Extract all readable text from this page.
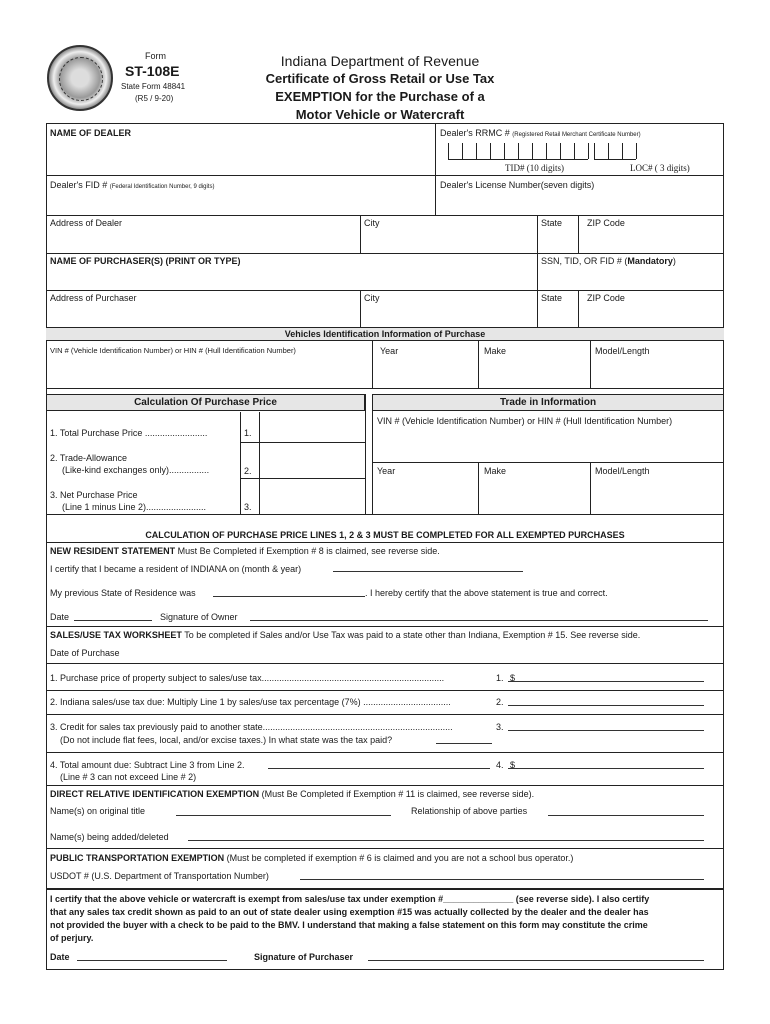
Form
ST-108E
State Form 48841
(R5 / 9-20)
Indiana Department of Revenue
Certificate of Gross Retail or Use Tax
EXEMPTION for the Purchase of a
Motor Vehicle or Watercraft
NAME OF DEALER	Dealer's RRMC # (Registered Retail Merchant Certificate Number)
TID# (10 digits)	LOC# ( 3 digits)
Dealer's FID # (Federal Identification Number, 9 digits)	Dealer's License Number(seven digits)
Address of Dealer	City	State	ZIP Code
NAME OF PURCHASER(S) (PRINT OR TYPE)	SSN, TID, OR FID # (Mandatory)
Address of Purchaser	City	State	ZIP Code
Vehicles Identification Information of Purchase
VIN # (Vehicle Identification Number) or HIN # (Hull Identification Number)	Year	Make	Model/Length
Calculation Of Purchase Price	Trade in Information
1. Total Purchase Price .........................	1.
2. Trade-Allowance
(Like-kind exchanges only)................	2.
3. Net Purchase Price
(Line 1 minus Line 2)........................	3.
VIN # (Vehicle Identification Number) or HIN # (Hull Identification Number)
Year	Make	Model/Length
CALCULATION OF PURCHASE PRICE LINES 1, 2 & 3 MUST BE COMPLETED FOR ALL EXEMPTED PURCHASES
NEW RESIDENT STATEMENT Must Be Completed if Exemption # 8 is claimed, see reverse side.
I certify that I became a resident of INDIANA on (month & year)
My previous State of Residence was	. I hereby certify that the above statement is true and correct.
Date	Signature of Owner
SALES/USE TAX WORKSHEET To be completed if Sales and/or Use Tax was paid to a state other than Indiana, Exemption # 15. See reverse side.
Date of Purchase
1. Purchase price of property subject to sales/use tax.........................................................................	1. $
2. Indiana sales/use tax due: Multiply Line 1 by sales/use tax percentage (7%) ...................................	2.
3. Credit for sales tax previously paid to another state............................................................................	3.
(Do not include flat fees, local, and/or excise taxes.) In what state was the tax paid?
4. Total amount due: Subtract Line 3 from Line 2.	4. $
(Line # 3 can not exceed Line # 2)
DIRECT RELATIVE IDENTIFICATION EXEMPTION (Must Be Completed if Exemption # 11 is claimed, see reverse side).
Name(s) on original title	Relationship of above parties
Name(s) being added/deleted
PUBLIC TRANSPORTATION EXEMPTION (Must be completed if exemption # 6 is claimed and you are not a school bus operator.)
USDOT # (U.S. Department of Transportation Number)
I certify that the above vehicle or watercraft is exempt from sales/use tax under exemption #______________ (see reverse side). I also certify
that any sales tax credit shown as paid to an out of state dealer using exemption #15 was actually collected by the dealer and the dealer has
not provided the buyer with a check to be paid to the BMV. I understand that making a false statement on this form may constitute the crime
of perjury.
Date	Signature of Purchaser
